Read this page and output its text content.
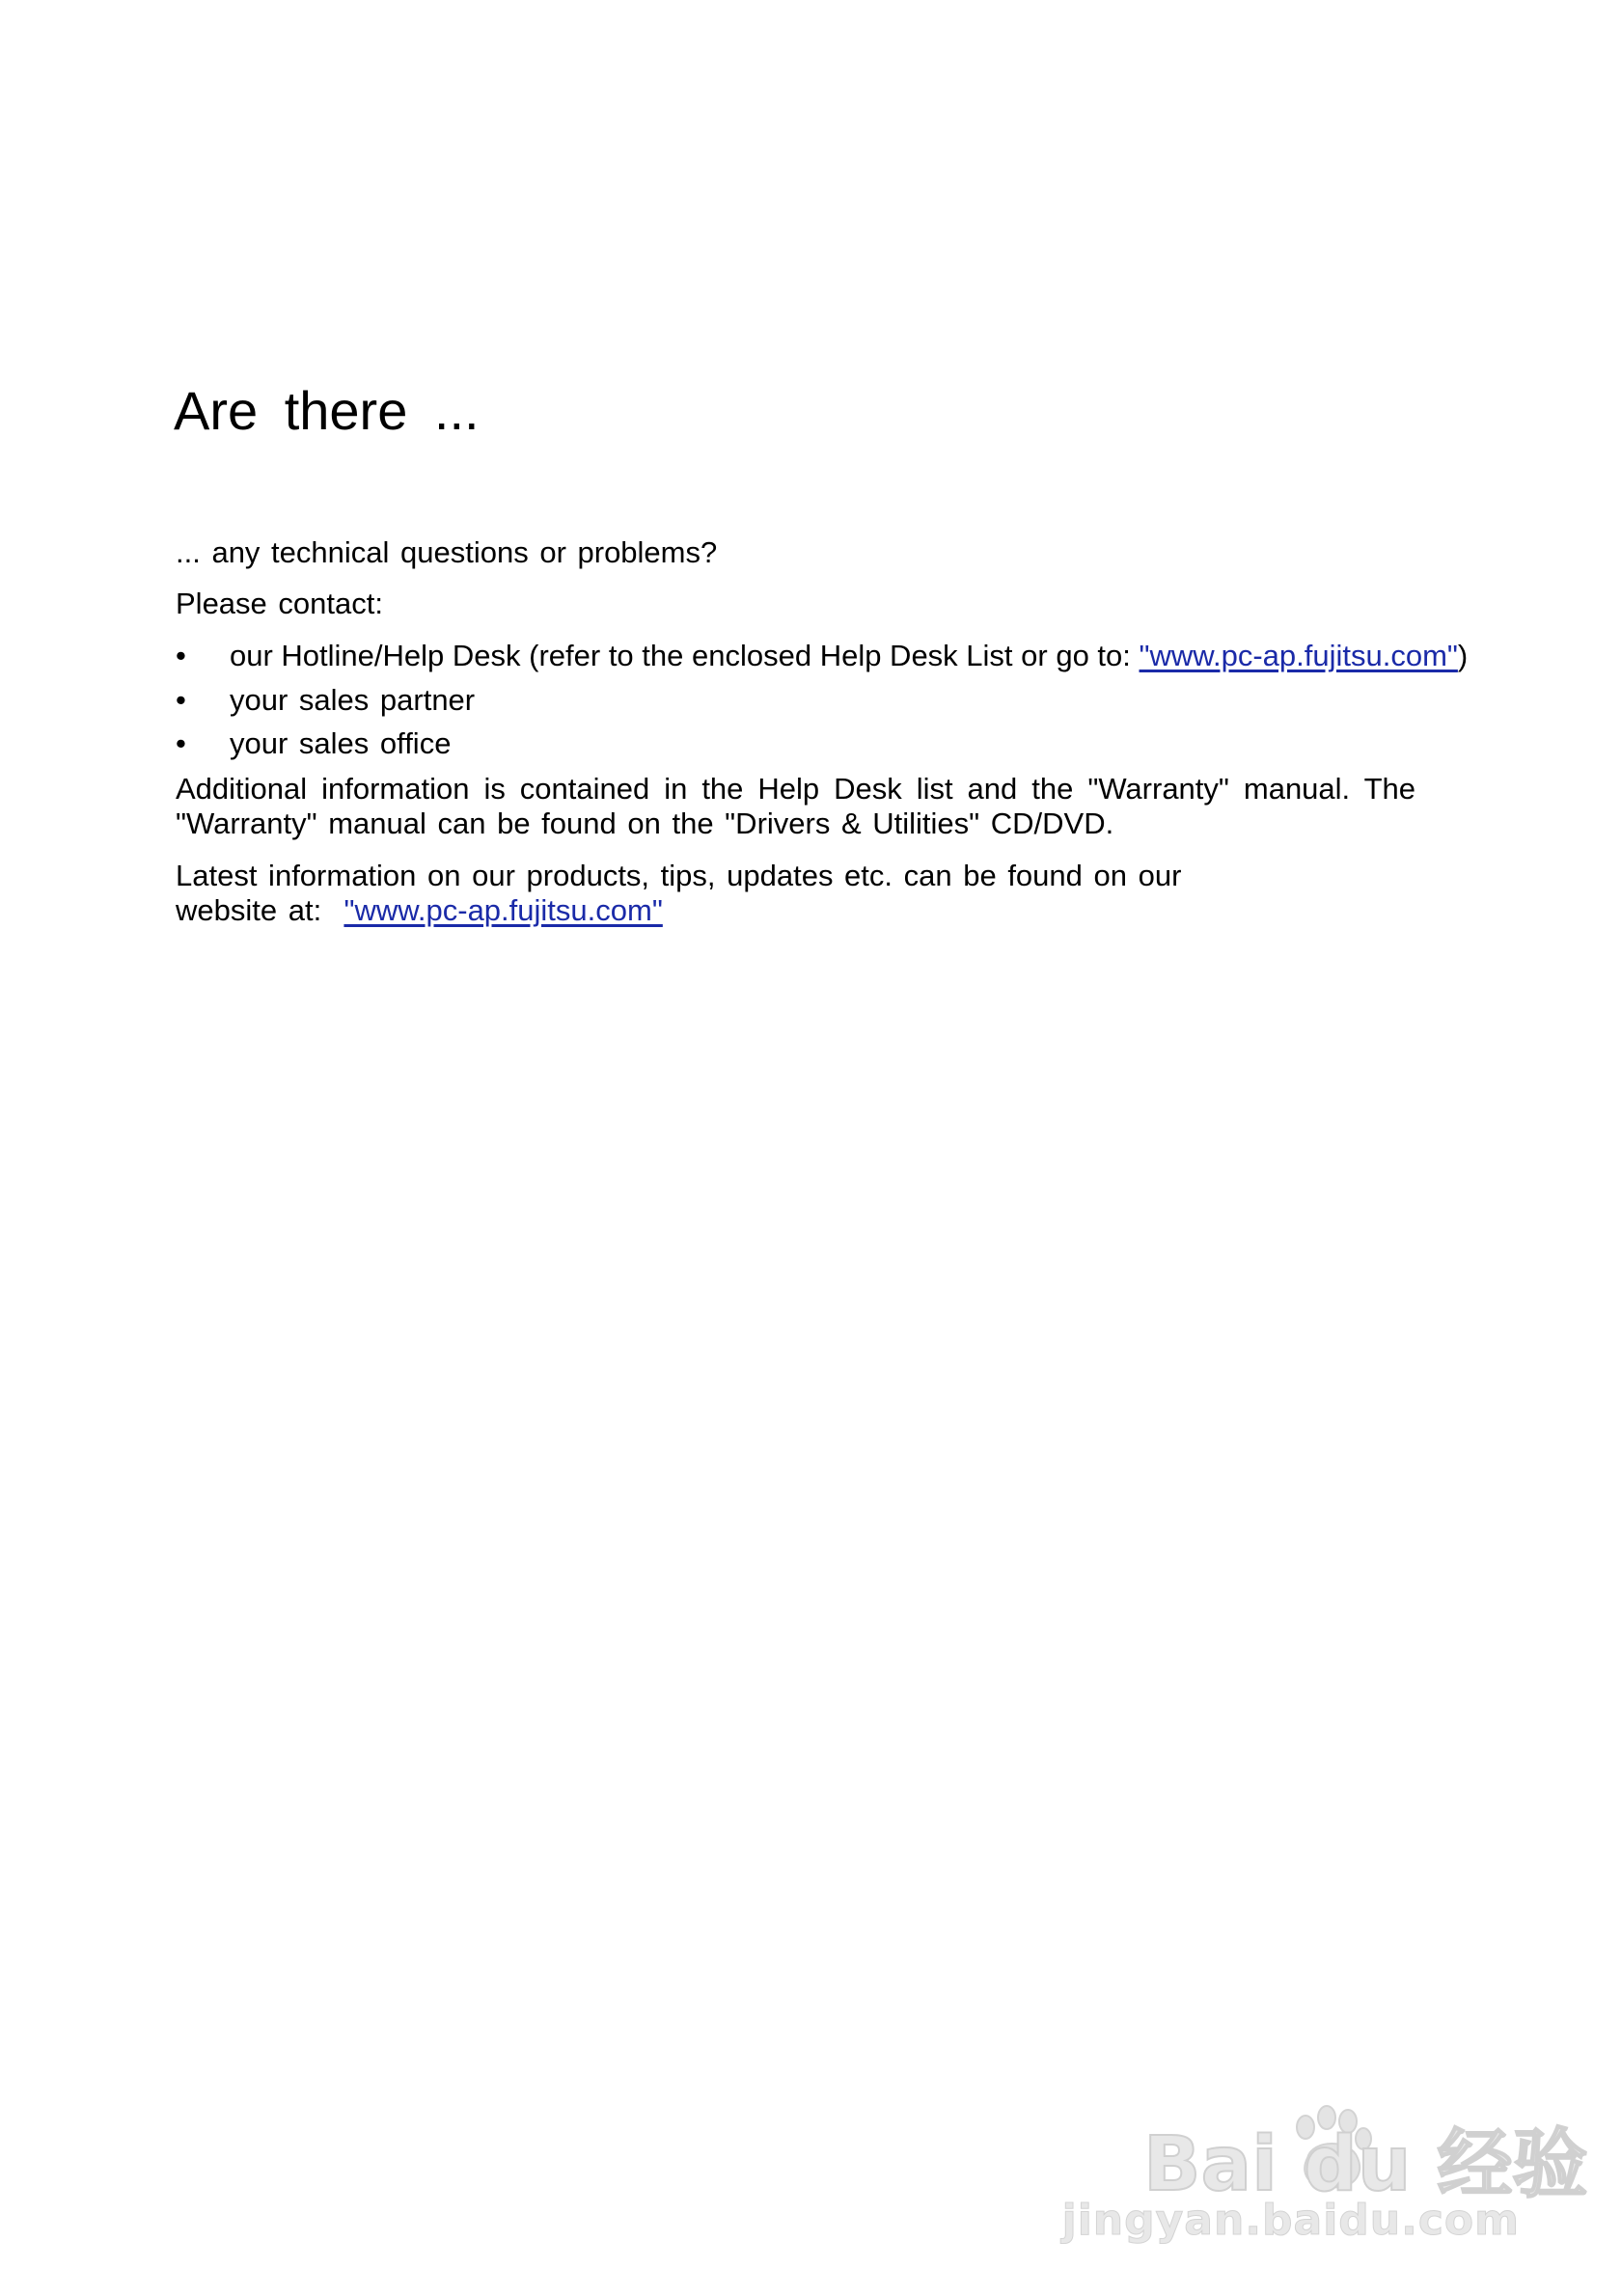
Are there ...
... any technical questions or problems?
Please contact:
• our Hotline/Help Desk (refer to the enclosed Help Desk List or go to: "www.pc-ap.fujitsu.com")
• your sales partner
• your sales office
Additional information is contained in the Help Desk list and the "Warranty" manual. The "Warranty" manual can be found on the "Drivers & Utilities" CD/DVD.
Latest information on our products, tips, updates etc. can be found on our
website at:  "www.pc-ap.fujitsu.com"
Bai du 经验
jingyan.baidu.com
